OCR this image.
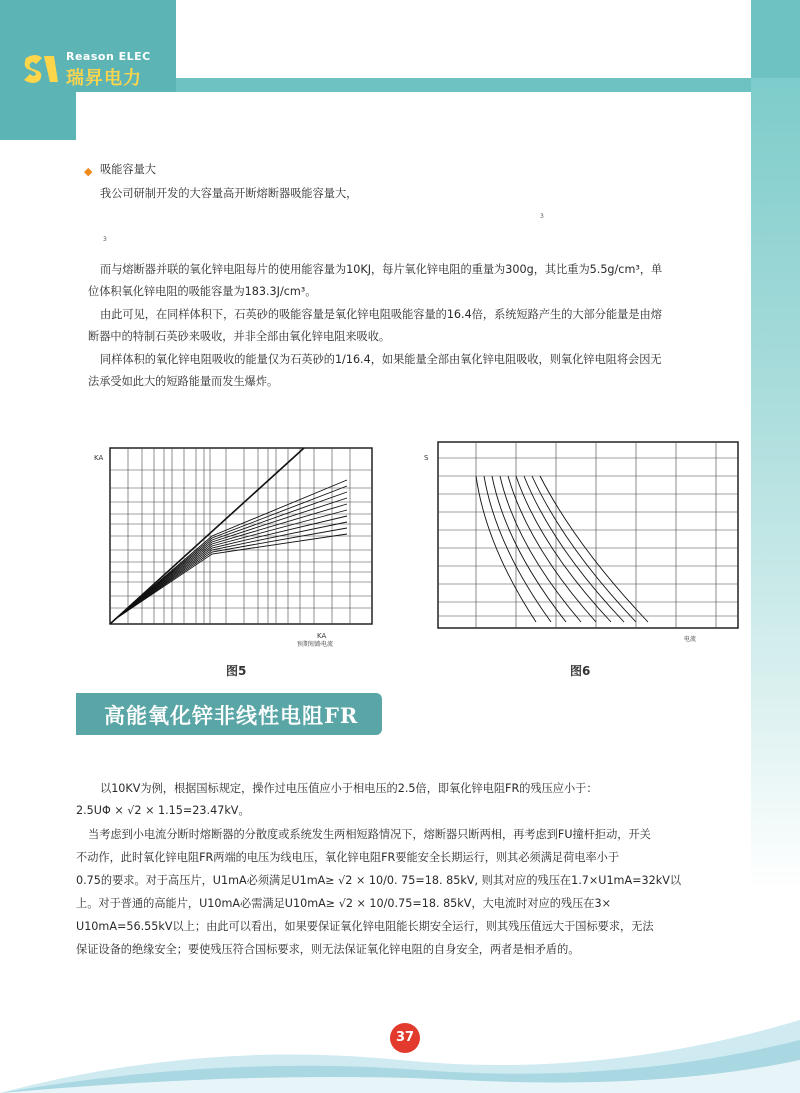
Reason ELEC
瑞昇电力
◆ 吸能容量大
我公司研制开发的大容量高开断熔断器吸能容量大，
3
3
而与熔断器并联的氧化锌电阻每片的使用能容量为10KJ，每片氧化锌电阻的重量为300g，其比重为5.5g/cm³，单
位体积氧化锌电阻的吸能容量为183.3J/cm³。
由此可见，在同样体积下，石英砂的吸能容量是氧化锌电阻吸能容量的16.4倍，系统短路产生的大部分能量是由熔
断器中的特制石英砂来吸收，并非全部由氧化锌电阻来吸收。
同样体积的氧化锌电阻吸收的能量仅为石英砂的1/16.4，如果能量全部由氧化锌电阻吸收，则氧化锌电阻将会因无
法承受如此大的短路能量而发生爆炸。
KA
KA
预期短路电流
图5
S
电流
图6
高能氧化锌非线性电阻FR
以10KV为例，根据国标规定，操作过电压值应小于相电压的2.5倍，即氧化锌电阻FR的残压应小于：
2.5UΦ × √2 × 1.15=23.47kV。
当考虑到小电流分断时熔断器的分散度或系统发生两相短路情况下，熔断器只断两相，再考虑到FU撞杆拒动，开关
不动作，此时氧化锌电阻FR两端的电压为线电压，氧化锌电阻FR要能安全长期运行，则其必须满足荷电率小于
0.75的要求。对于高压片，U1mA必须满足U1mA≥ √2 × 10/0. 75=18. 85kV, 则其对应的残压在1.7×U1mA=32kV以
上。对于普通的高能片，U10mA必需满足U10mA≥ √2 × 10/0.75=18. 85kV，大电流时对应的残压在3×
U10mA=56.55kV以上；由此可以看出，如果要保证氧化锌电阻能长期安全运行，则其残压值远大于国标要求，无法
保证设备的绝缘安全；要使残压符合国标要求，则无法保证氧化锌电阻的自身安全，两者是相矛盾的。
37
